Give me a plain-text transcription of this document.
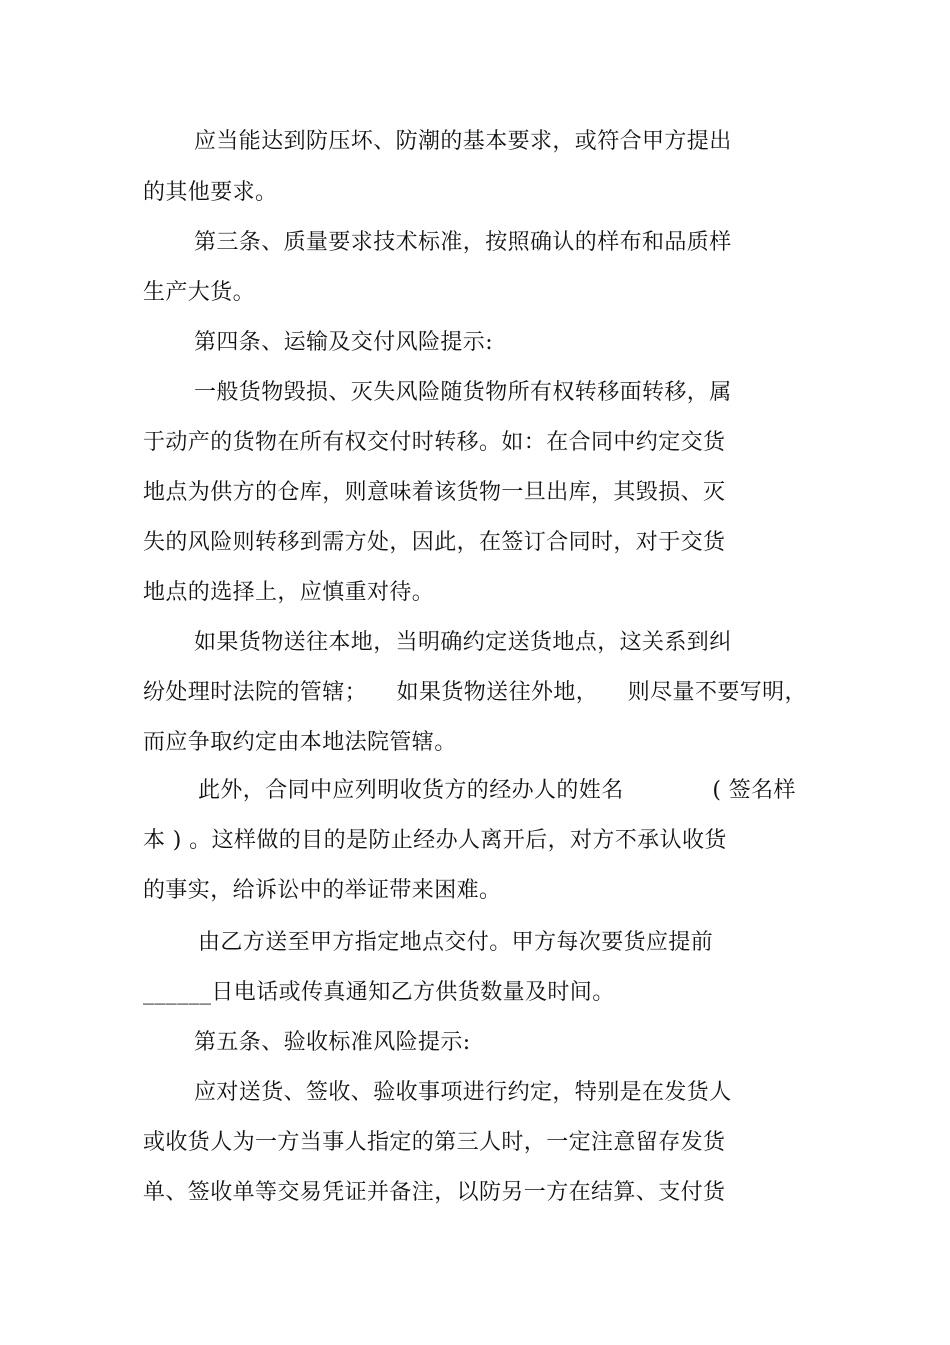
应当能达到防压坏、防潮的基本要求，或符合甲方提出
的其他要求。
第三条、质量要求技术标准，按照确认的样布和品质样
生产大货。
第四条、运输及交付风险提示:
一般货物毁损、灭失风险随货物所有权转移面转移，属
于动产的货物在所有权交付时转移。如：在合同中约定交货
地点为供方的仓库，则意味着该货物一旦出库，其毁损、灭
失的风险则转移到需方处，因此，在签订合同时，对于交货
地点的选择上，应慎重对待。
如果货物送往本地，当明确约定送货地点，这关系到纠
纷处理时法院的管辖；    如果货物送往外地，    则尽量不要写明，
而应争取约定由本地法院管辖。
此外，合同中应列明收货方的经办人的姓名            ( 签名样
本 ) 。这样做的目的是防止经办人离开后，对方不承认收货
的事实，给诉讼中的举证带来困难。
由乙方送至甲方指定地点交付。甲方每次要货应提前
______日电话或传真通知乙方供货数量及时间。
第五条、验收标准风险提示:
应对送货、签收、验收事项进行约定，特别是在发货人
或收货人为一方当事人指定的第三人时，一定注意留存发货
单、签收单等交易凭证并备注，以防另一方在结算、支付货
